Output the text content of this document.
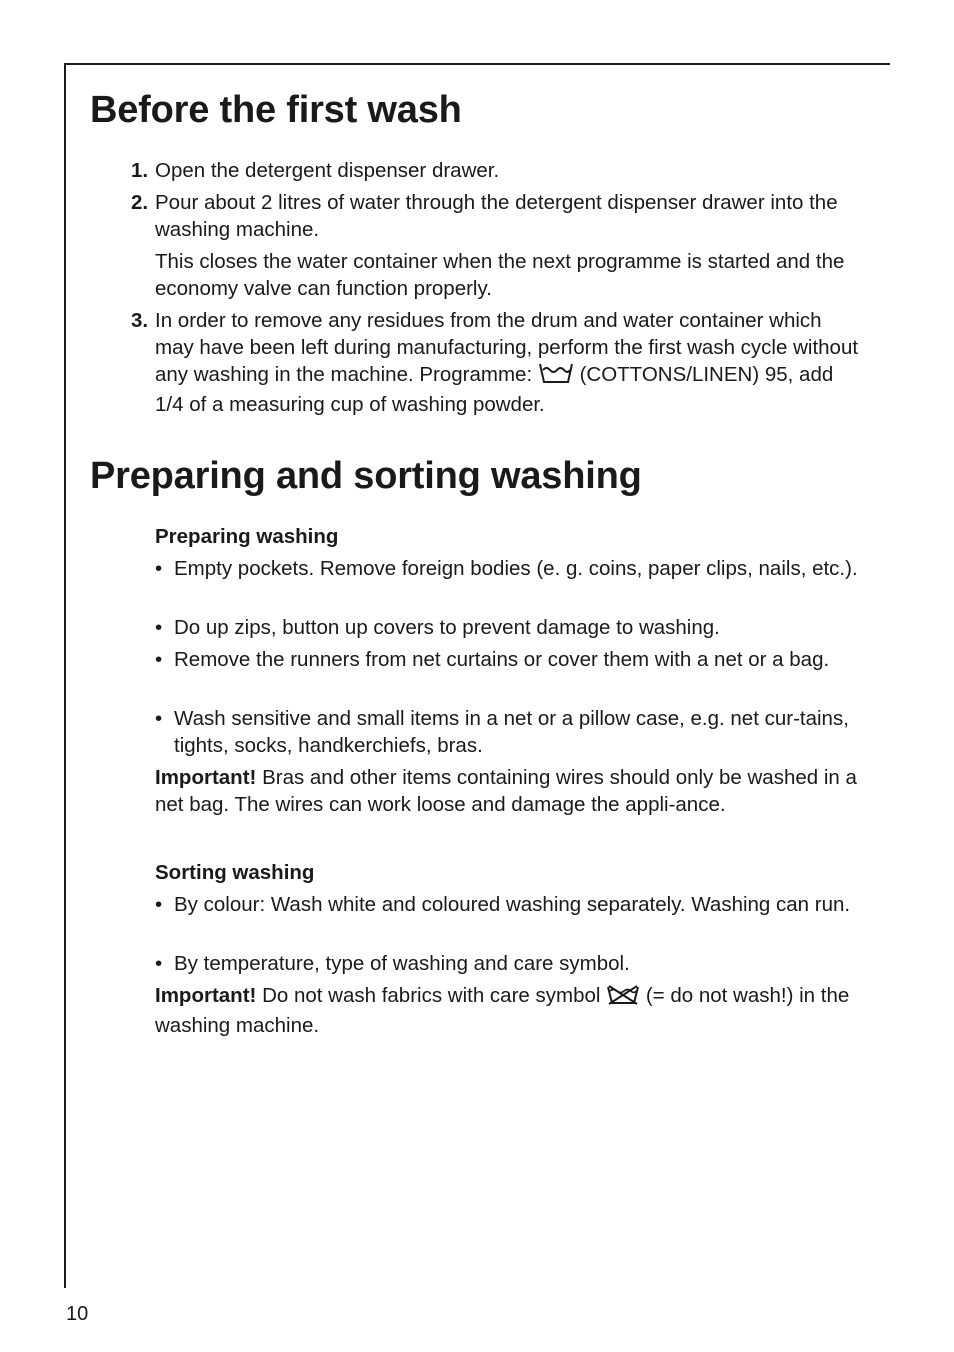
Before the first wash
1. Open the detergent dispenser drawer.
2. Pour about 2 litres of water through the detergent dispenser drawer into the washing machine.
This closes the water container when the next programme is started and the economy valve can function properly.
3. In order to remove any residues from the drum and water container which may have been left during manufacturing, perform the first wash cycle without any washing in the machine. Programme: (COTTONS/LINEN) 95, add 1/4 of a measuring cup of washing powder.
Preparing and sorting washing
Preparing washing
• Empty pockets. Remove foreign bodies (e. g. coins, paper clips, nails, etc.).
• Do up zips, button up covers to prevent damage to washing.
• Remove the runners from net curtains or cover them with a net or a bag.
• Wash sensitive and small items in a net or a pillow case, e.g. net cur-tains, tights, socks, handkerchiefs, bras.
Important! Bras and other items containing wires should only be washed in a net bag. The wires can work loose and damage the appli-ance.
Sorting washing
• By colour: Wash white and coloured washing separately. Washing can run.
• By temperature, type of washing and care symbol.
Important! Do not wash fabrics with care symbol (= do not wash!) in the washing machine.
10
